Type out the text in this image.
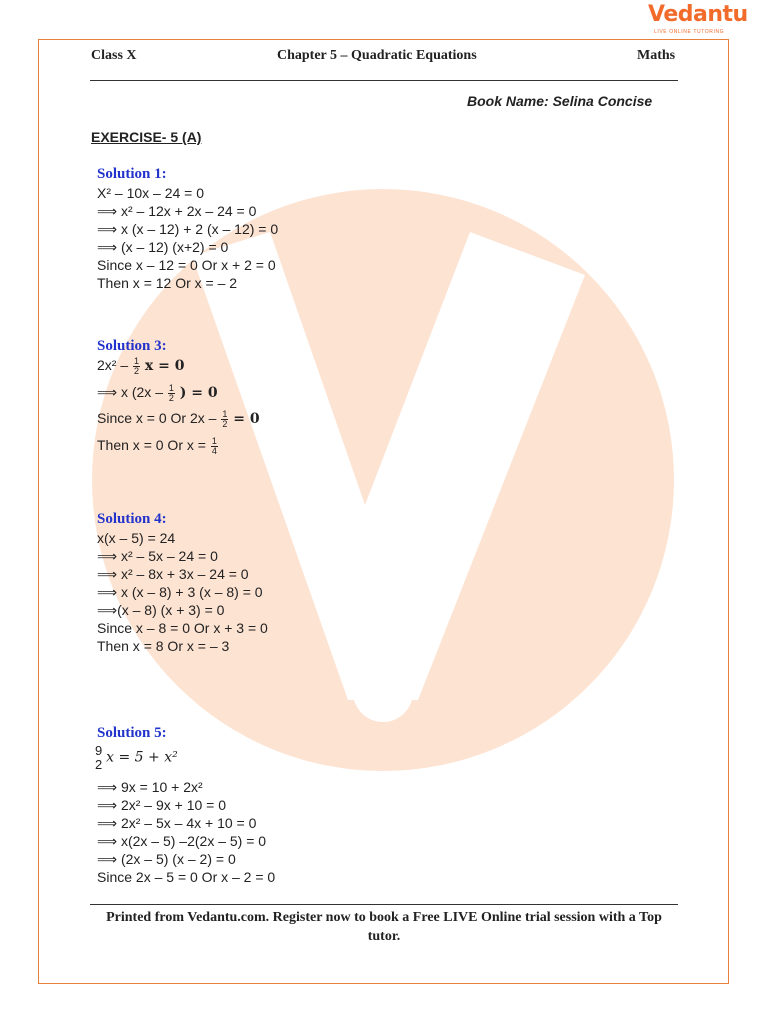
Vedantu
LIVE ONLINE TUTORING
Class X	Chapter 5 – Quadratic Equations	Maths
Book Name: Selina Concise
EXERCISE- 5 (A)
Solution 1:
X² – 10x – 24 = 0
⟹ x² – 12x + 2x – 24 = 0
⟹ x (x – 12) + 2 (x – 12) = 0
⟹ (x – 12) (x+2) = 0
Since x – 12 = 0 Or x + 2 = 0
Then x = 12 Or x = – 2
Solution 3:
$2x^2 - \frac{1}{2}$ x = 0
⟹ x ($2x - \frac{1}{2}$ ) = 0
Since x = 0 Or $2x - \frac{1}{2} = 0$
Then x = 0 Or $x = \frac{1}{4}$
Solution 4:
x(x – 5) = 24
⟹ x² – 5x – 24 = 0
⟹ x² – 8x + 3x – 24 = 0
⟹ x (x – 8) + 3 (x – 8) = 0
⟹(x – 8) (x + 3) = 0
Since x – 8 = 0 Or x + 3 = 0
Then x = 8 Or x = – 3
Solution 5:
9
2 x = 5 + x²
⟹ 9x = 10 + 2x²
⟹ 2x² – 9x + 10 = 0
⟹ 2x² – 5x – 4x + 10 = 0
⟹ x(2x – 5) –2(2x – 5) = 0
⟹ (2x – 5) (x – 2) = 0
Since 2x – 5 = 0 Or x – 2 = 0
Printed from Vedantu.com. Register now to book a Free LIVE Online trial session with a Top tutor.
